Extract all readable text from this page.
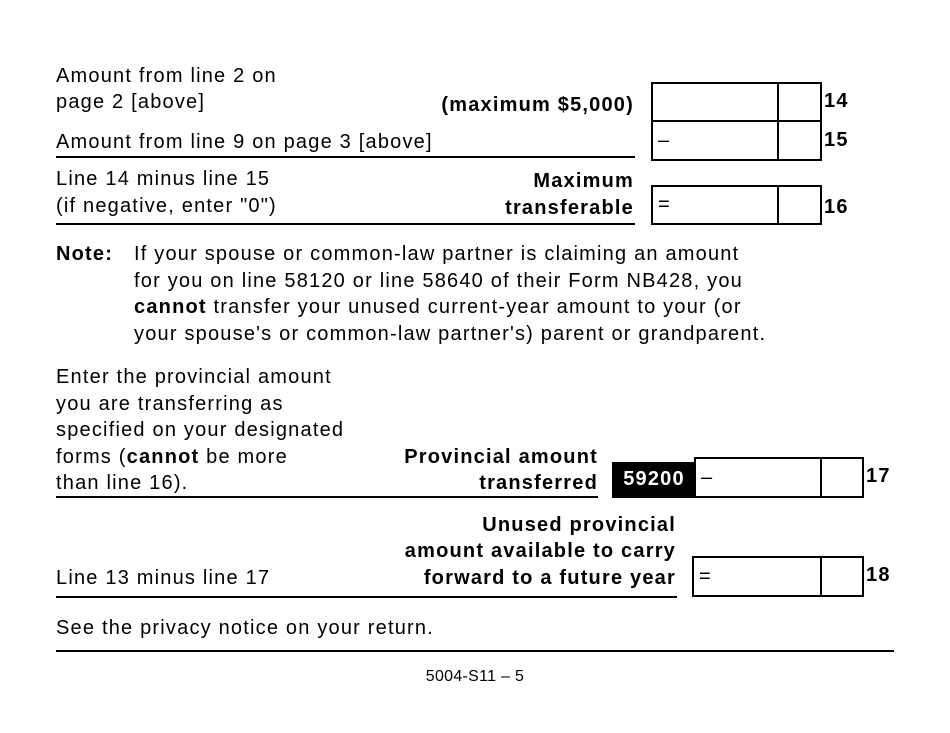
Amount from line 2 on
page 2 [above]	(maximum $5,000)	14
Amount from line 9 on page 3 [above]	–	15
Line 14 minus line 15
(if negative, enter "0")
Maximum
transferable =	16
Note: If your spouse or common-law partner is claiming an amount
for you on line 58120 or line 58640 of their Form NB428, you
cannot transfer your unused current-year amount to your (or
your spouse's or common-law partner's) parent or grandparent.
Enter the provincial amount
you are transferring as
specified on your designated
forms (cannot be more
than line 16).
Provincial amount
transferred	59200 –	17
Unused provincial
amount available to carry
forward to a future year
Line 13 minus line 17	=	18
See the privacy notice on your return.
5004-S11 – 5
